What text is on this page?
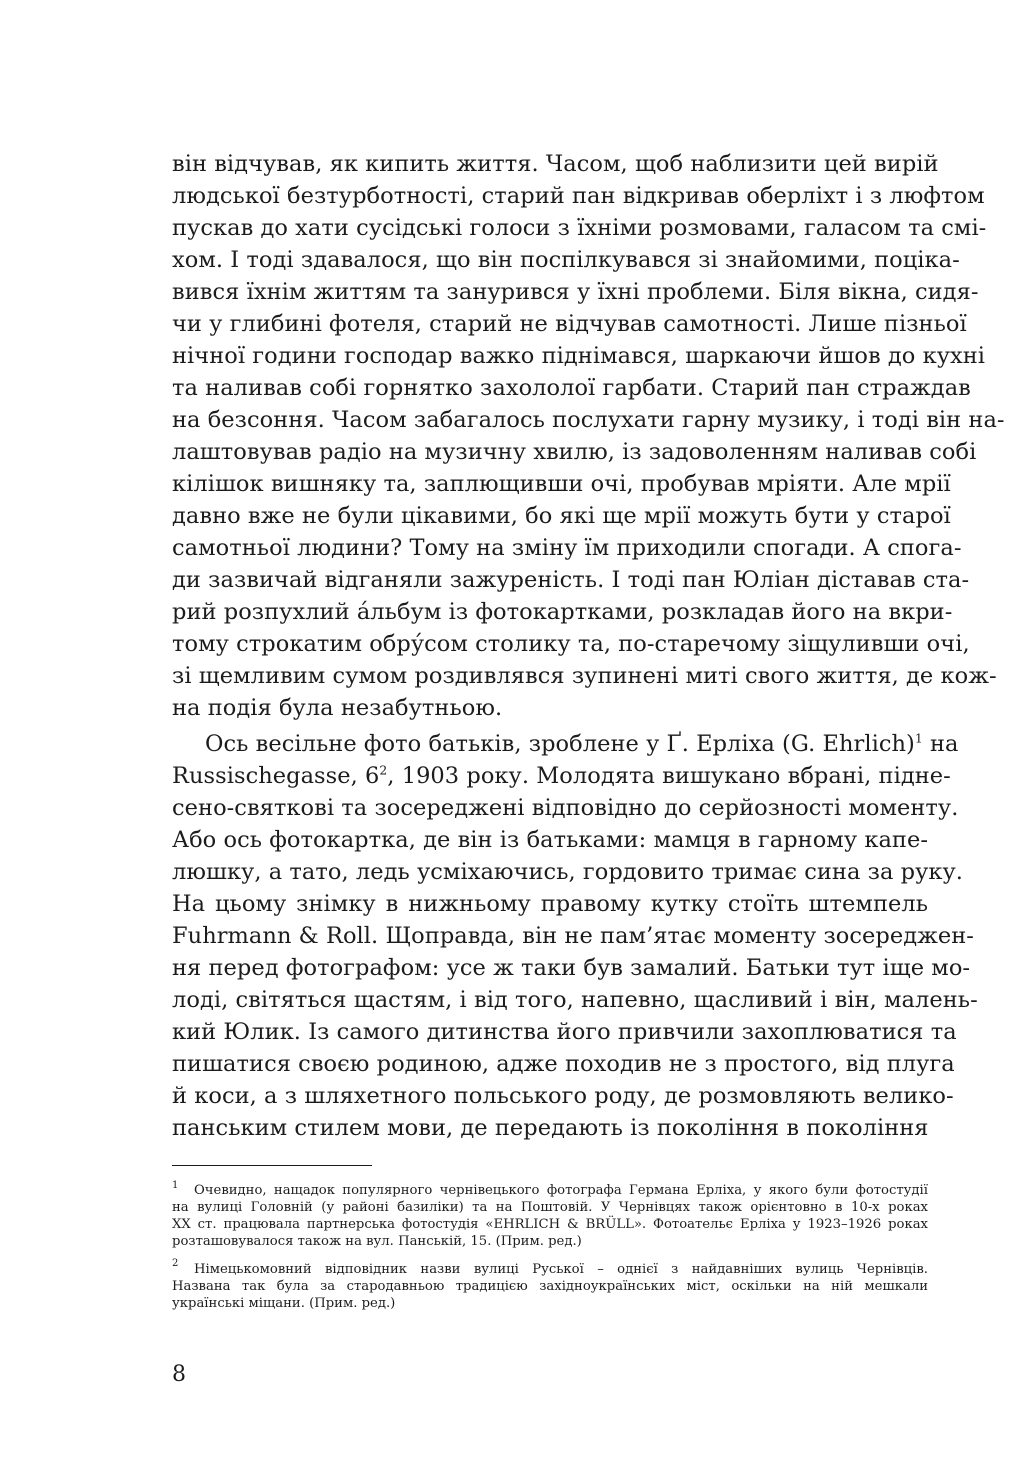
він відчував, як кипить життя. Часом, щоб наблизити цей вирій
людської безтурботності, старий пан відкривав оберліхт і з люфтом
пускав до хати сусідські голоси з їхніми розмовами, галасом та смі-
хом. І тоді здавалося, що він поспілкувався зі знайомими, поціка-
вився їхнім життям та занурився у їхні проблеми. Біля вікна, сидя-
чи у глибині фотеля, старий не відчував самотності. Лише пізньої
нічної години господар важко піднімався, шаркаючи йшов до кухні
та наливав собі горнятко захололої гарбати. Старий пан страждав
на безсоння. Часом забагалось послухати гарну музику, і тоді він на-
лаштовував радіо на музичну хвилю, із задоволенням наливав собі
кілішок вишняку та, заплющивши очі, пробував мріяти. Але мрії
давно вже не були цікавими, бо які ще мрії можуть бути у старої
самотньої людини? Тому на зміну їм приходили спогади. А спога-
ди зазвичай відганяли зажуреність. І тоді пан Юліан діставав ста-
рий розпухлий а́льбум із фотокартками, розкладав його на вкри-
тому строкатим обру́сом столику та, по-старечому зіщуливши очі,
зі щемливим сумом роздивлявся зупинені миті свого життя, де кож-
на подія була незабутньою.
Ось весільне фото батьків, зроблене у Ґ. Ерліха (G. Ehrlich)$^1$ на
Russischegasse, $6^2$, 1903 року. Молодята вишукано вбрані, підне-
сено-святкові та зосереджені відповідно до серйозності моменту.
Або ось фотокартка, де він із батьками: мамця в гарному капе-
люшку, а тато, ледь усміхаючись, гордовито тримає сина за руку.
На цьому знімку в нижньому правому кутку стоїть штемпель
Fuhrmann & Roll. Щоправда, він не пам’ятає моменту зосереджен-
ня перед фотографом: усе ж таки був замалий. Батьки тут іще мо-
лоді, світяться щастям, і від того, напевно, щасливий і він, малень-
кий Юлик. Із самого дитинства його привчили захоплюватися та
пишатися своєю родиною, адже походив не з простого, від плуга
й коси, а з шляхетного польського роду, де розмовляють велико-
панським стилем мови, де передають із покоління в покоління
1 Очевидно, нащадок популярного чернівецького фотографа Германа Ерліха, у якого були фотостудії
на вулиці Головній (у районі базиліки) та на Поштовій. У Чернівцях також орієнтовно в 10-х роках
ХХ ст. працювала партнерська фотостудія «EHRLICH & BRÜLL». Фотоательє Ерліха у 1923–1926 роках
розташовувалося також на вул. Панській, 15. (Прим. ред.)
2 Німецькомовний відповідник назви вулиці Руської – однієї з найдавніших вулиць Чернівців.
Названа так була за стародавньою традицією західноукраїнських міст, оскільки на ній мешкали
українські міщани. (Прим. ред.)
8
